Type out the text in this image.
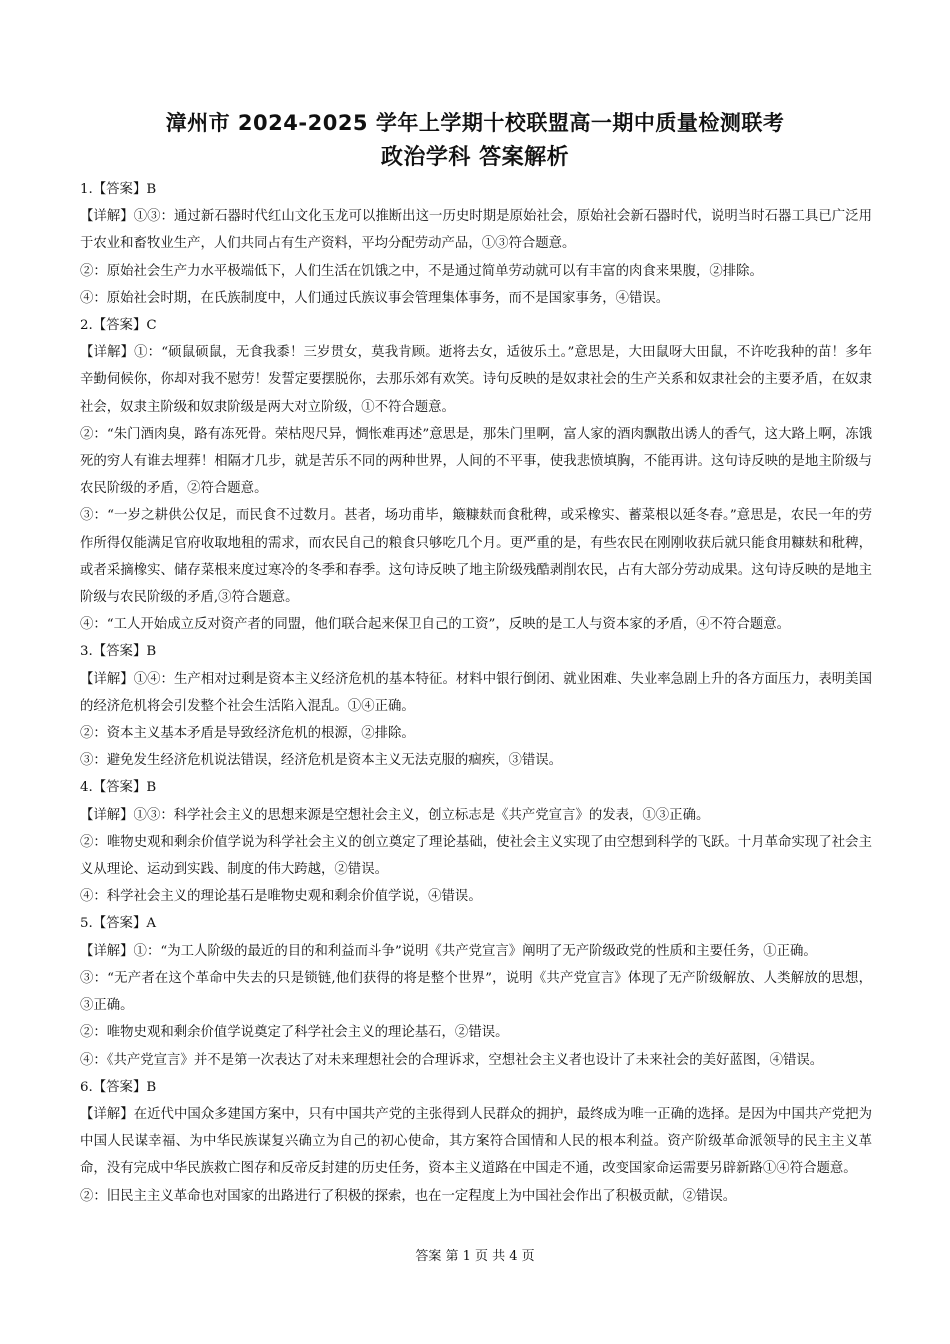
漳州市 2024-2025 学年上学期十校联盟高一期中质量检测联考
政治学科 答案解析

1.【答案】B

【详解】①③：通过新石器时代红山文化玉龙可以推断出这一历史时期是原始社会，原始社会新石器时代，说明当时石器工具已广泛用于农业和畜牧业生产，人们共同占有生产资料，平均分配劳动产品，①③符合题意。

②：原始社会生产力水平极端低下，人们生活在饥饿之中，不是通过简单劳动就可以有丰富的肉食来果腹，②排除。

④：原始社会时期，在氏族制度中，人们通过氏族议事会管理集体事务，而不是国家事务，④错误。

2.【答案】C

【详解】①：“硕鼠硕鼠，无食我黍！三岁贯女，莫我肯顾。逝将去女，适彼乐土。”意思是，大田鼠呀大田鼠，不许吃我种的苗！多年辛勤伺候你，你却对我不慰劳！发誓定要摆脱你，去那乐郊有欢笑。诗句反映的是奴隶社会的生产关系和奴隶社会的主要矛盾，在奴隶社会，奴隶主阶级和奴隶阶级是两大对立阶级，①不符合题意。

②：“朱门酒肉臭，路有冻死骨。荣枯咫尺异，惆怅难再述”意思是，那朱门里啊，富人家的酒肉飘散出诱人的香气，这大路上啊，冻饿死的穷人有谁去埋葬！相隔才几步，就是苦乐不同的两种世界，人间的不平事，使我悲愤填胸，不能再讲。这句诗反映的是地主阶级与农民阶级的矛盾，②符合题意。

③：“一岁之耕供公仅足，而民食不过数月。甚者，场功甫毕，簸糠麸而食秕稗，或采橡实、蓄菜根以延冬春。”意思是，农民一年的劳作所得仅能满足官府收取地租的需求，而农民自己的粮食只够吃几个月。更严重的是，有些农民在刚刚收获后就只能食用糠麸和秕稗，或者采摘橡实、储存菜根来度过寒冷的冬季和春季。这句诗反映了地主阶级残酷剥削农民，占有大部分劳动成果。这句诗反映的是地主阶级与农民阶级的矛盾,③符合题意。

④：“工人开始成立反对资产者的同盟，他们联合起来保卫自己的工资”，反映的是工人与资本家的矛盾，④不符合题意。

3.【答案】B

【详解】①④：生产相对过剩是资本主义经济危机的基本特征。材料中银行倒闭、就业困难、失业率急剧上升的各方面压力，表明美国的经济危机将会引发整个社会生活陷入混乱。①④正确。

②：资本主义基本矛盾是导致经济危机的根源，②排除。

③：避免发生经济危机说法错误，经济危机是资本主义无法克服的痼疾，③错误。

4.【答案】B

【详解】①③：科学社会主义的思想来源是空想社会主义，创立标志是《共产党宣言》的发表，①③正确。

②：唯物史观和剩余价值学说为科学社会主义的创立奠定了理论基础，使社会主义实现了由空想到科学的飞跃。十月革命实现了社会主义从理论、运动到实践、制度的伟大跨越，②错误。

④：科学社会主义的理论基石是唯物史观和剩余价值学说，④错误。

5.【答案】A

【详解】①：“为工人阶级的最近的目的和利益而斗争”说明《共产党宣言》阐明了无产阶级政党的性质和主要任务，①正确。

③：“无产者在这个革命中失去的只是锁链,他们获得的将是整个世界”，说明《共产党宣言》体现了无产阶级解放、人类解放的思想，③正确。

②：唯物史观和剩余价值学说奠定了科学社会主义的理论基石，②错误。

④：《共产党宣言》并不是第一次表达了对未来理想社会的合理诉求，空想社会主义者也设计了未来社会的美好蓝图，④错误。

6.【答案】B

【详解】在近代中国众多建国方案中，只有中国共产党的主张得到人民群众的拥护，最终成为唯一正确的选择。是因为中国共产党把为中国人民谋幸福、为中华民族谋复兴确立为自己的初心使命，其方案符合国情和人民的根本利益。资产阶级革命派领导的民主主义革命，没有完成中华民族救亡图存和反帝反封建的历史任务，资本主义道路在中国走不通，改变国家命运需要另辟新路①④符合题意。

②：旧民主主义革命也对国家的出路进行了积极的探索，也在一定程度上为中国社会作出了积极贡献，②错误。

答案 第 1 页 共 4 页
